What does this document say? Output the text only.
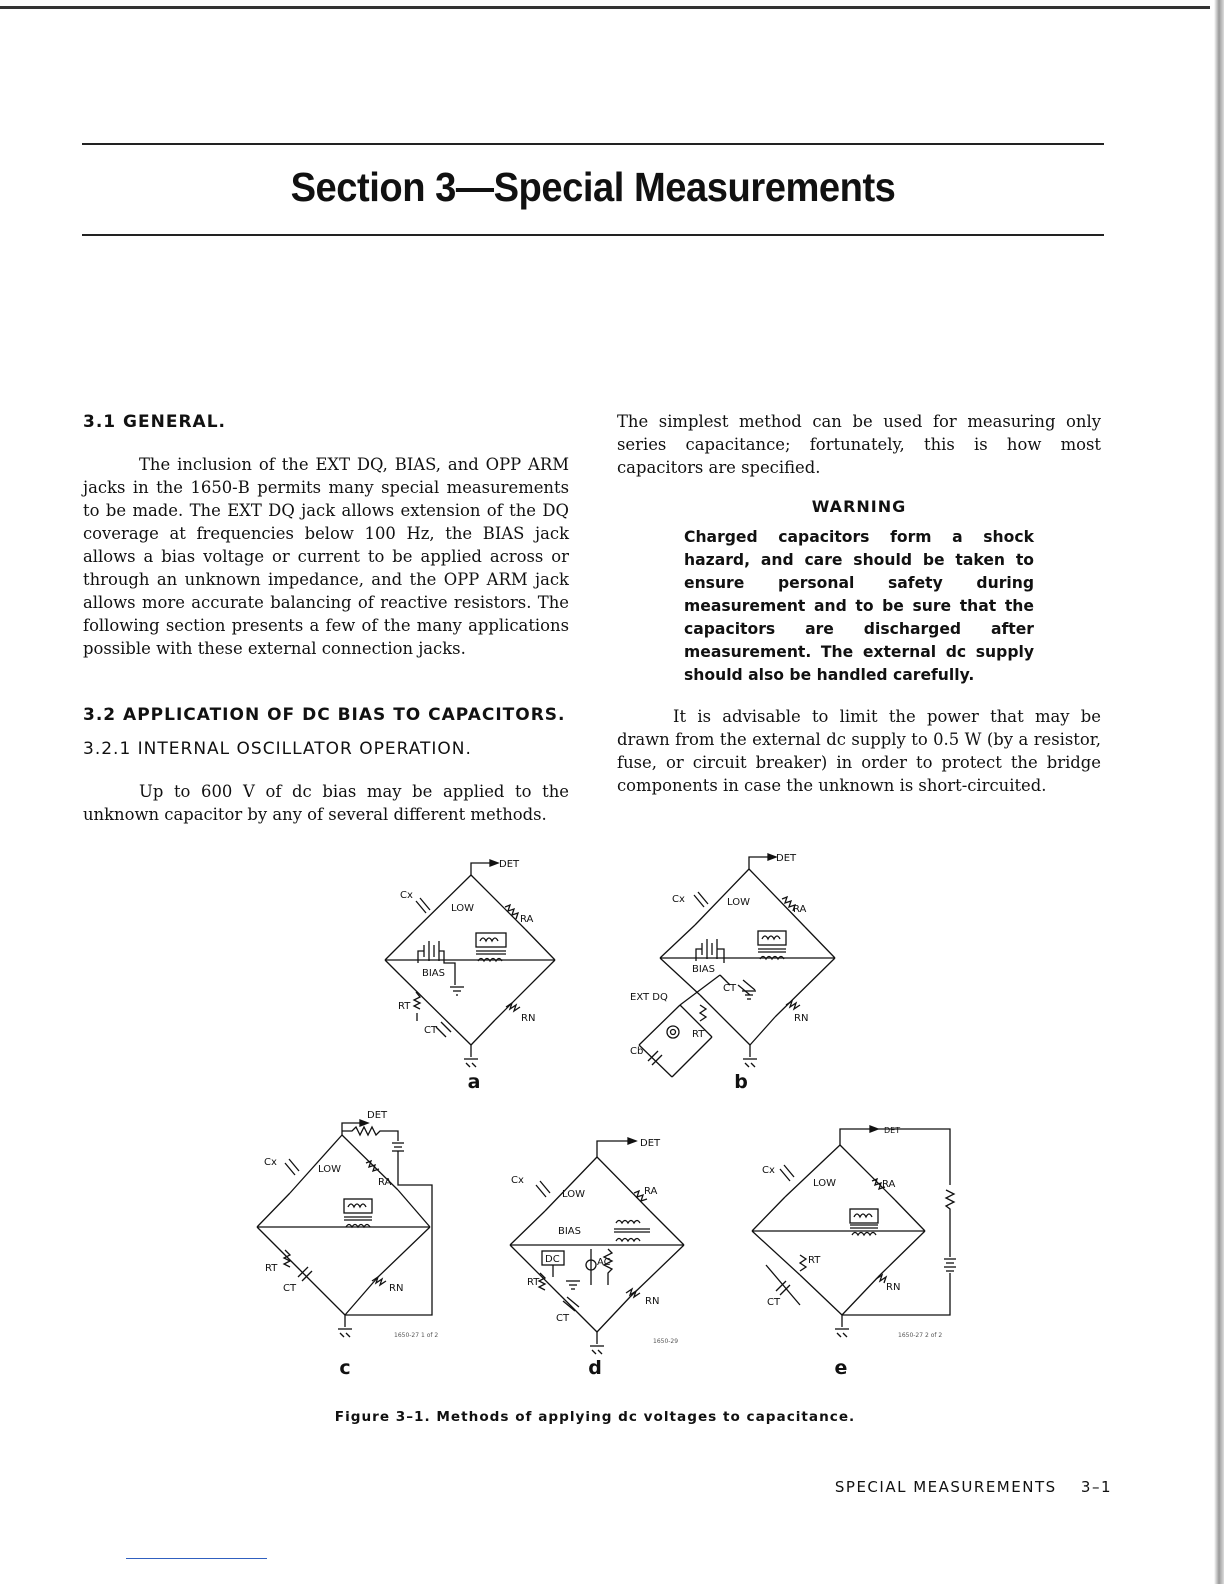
Section 3—Special Measurements
3.1 GENERAL.

The inclusion of the EXT DQ, BIAS, and OPP ARM jacks in the 1650-B permits many special measurements to be made. The EXT DQ jack allows extension of the DQ coverage at frequencies below 100 Hz, the BIAS jack allows a bias voltage or current to be applied across or through an unknown impedance, and the OPP ARM jack allows more accurate balancing of reactive resistors. The following section presents a few of the many applications possible with these external connection jacks.

3.2 APPLICATION OF DC BIAS TO CAPACITORS.
3.2.1 INTERNAL OSCILLATOR OPERATION.

Up to 600 V of dc bias may be applied to the unknown capacitor by any of several different methods.

The simplest method can be used for measuring only series capacitance; fortunately, this is how most capacitors are specified.

WARNING
Charged capacitors form a shock hazard, and care should be taken to ensure personal safety during measurement and to be sure that the capacitors are discharged after measurement. The external dc supply should also be handled carefully.

It is advisable to limit the power that may be drawn from the external dc supply to 0.5 W (by a resistor, fuse, or circuit breaker) in order to protect the bridge components in case the unknown is short-circuited.

DET
Cx
LOW
RA
BIAS
RT
CT
RN
DET
Cx	LOW
RA
BIAS
EXT DQ
CT
RT
Cb
RN
DET
Cx
LOW
RA
RT
CT	RN
DET
Cx
LOW	RA
BIAS
DC	AC
RT
CT
RN
DET
Cx
LOW	RA
RT
CT
RN
1650-27 1 of 2
1650-29
1650-27 2 of 2
a	b
c	d	e
Figure 3–1. Methods of applying dc voltages to capacitance.
SPECIAL MEASUREMENTS 3–1
